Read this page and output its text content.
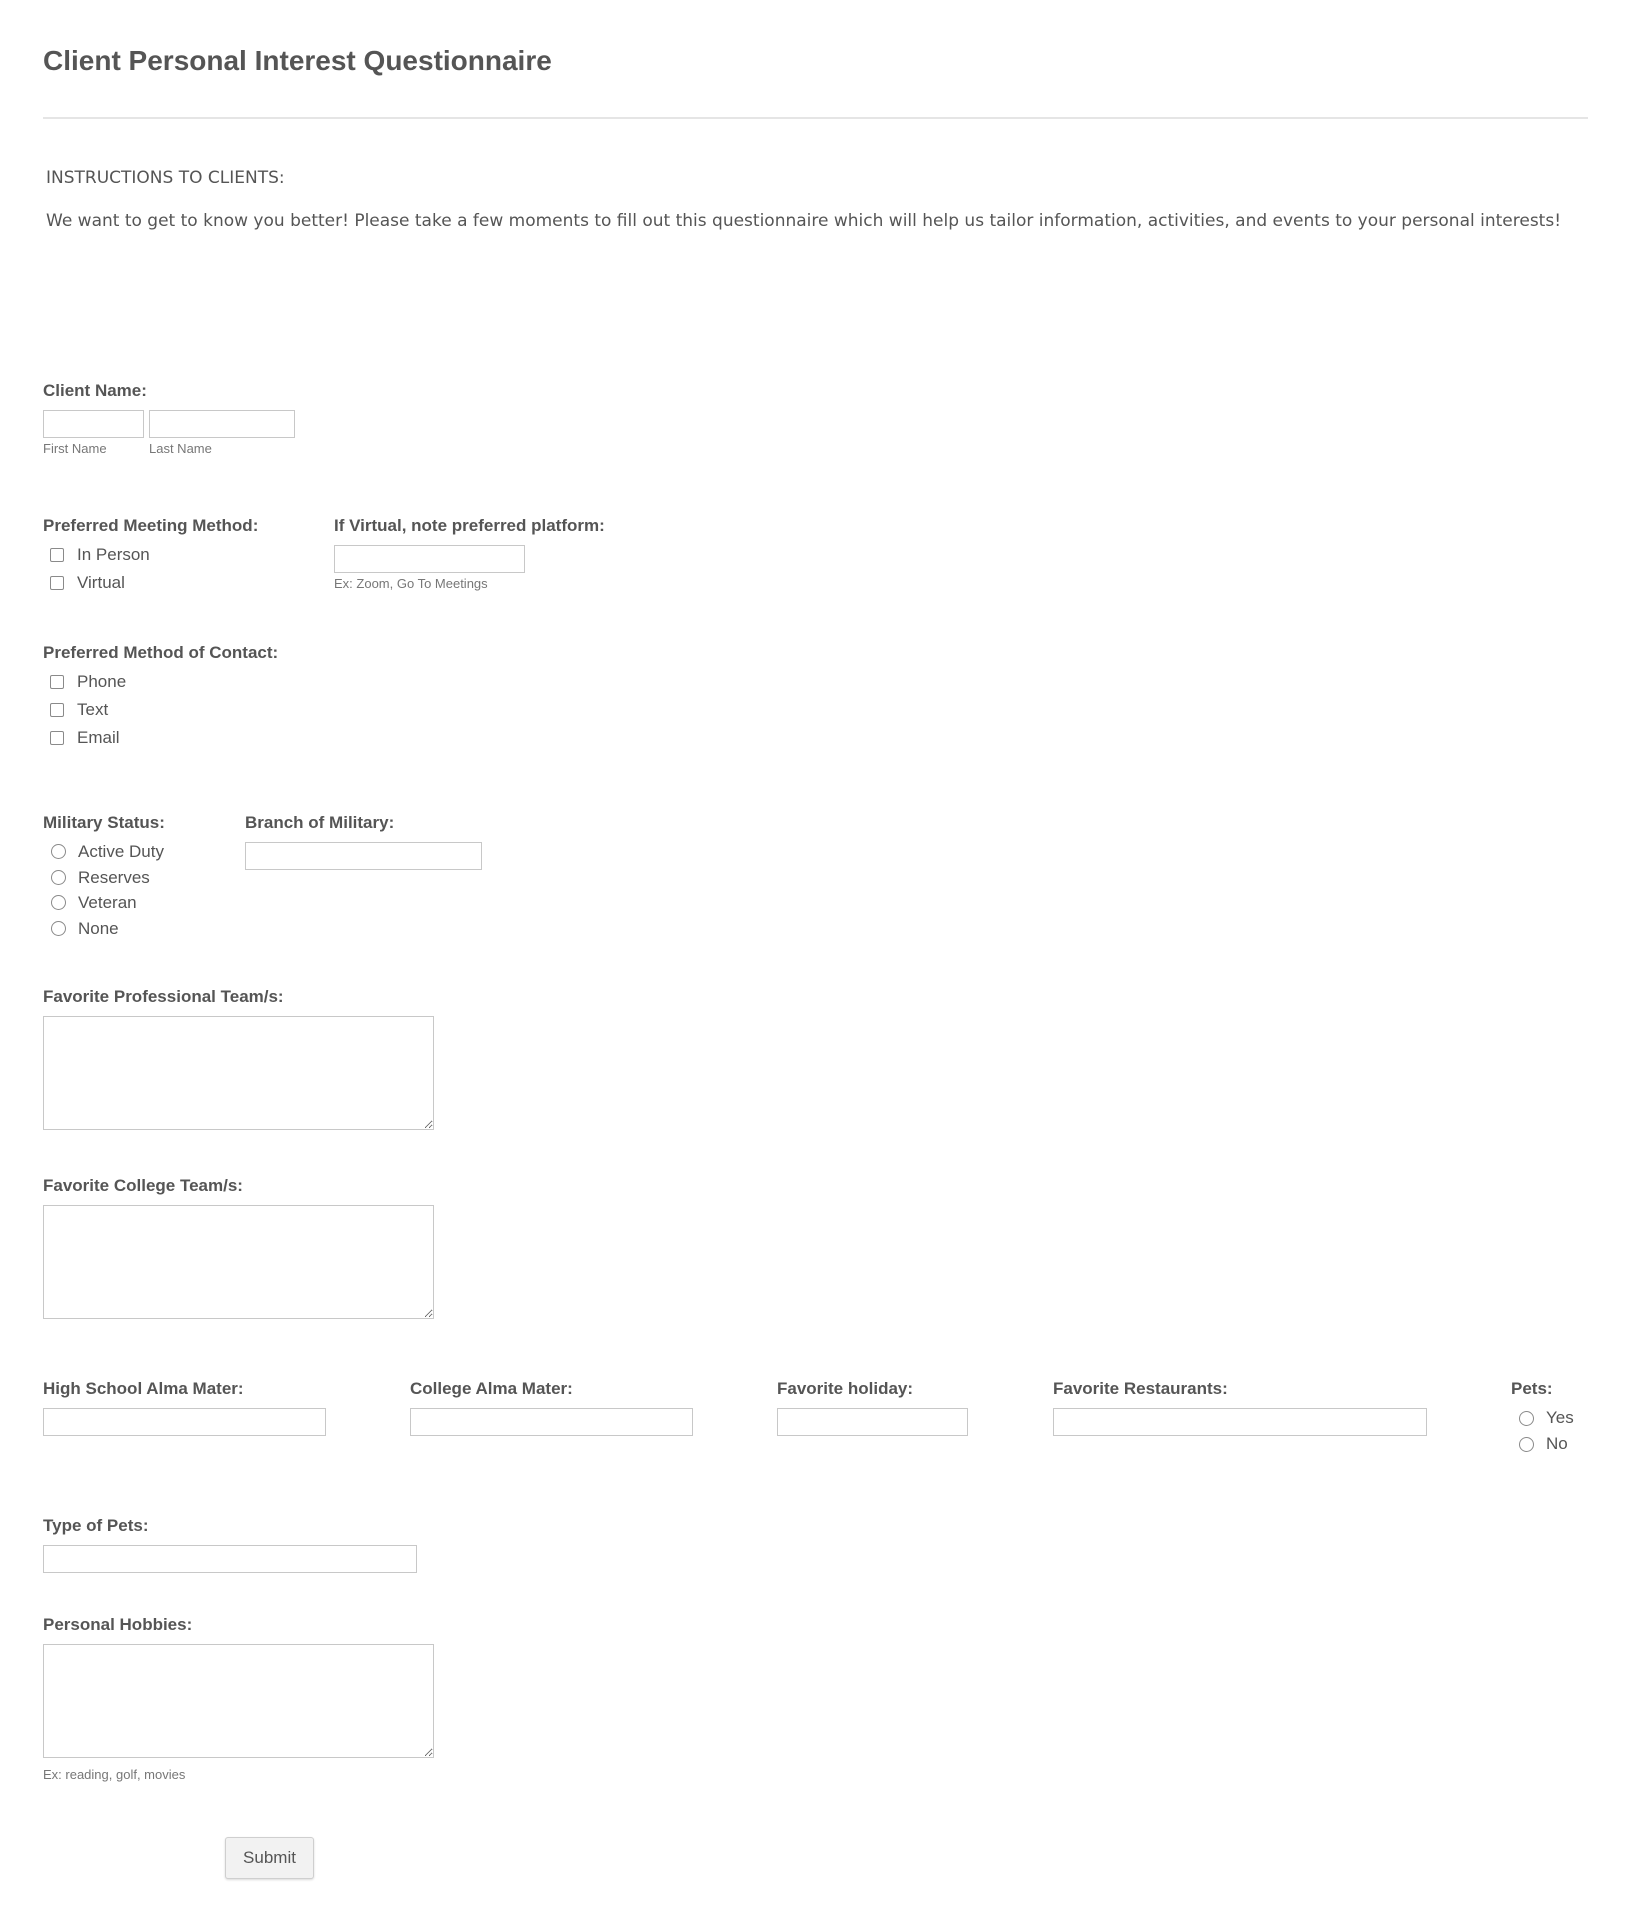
Client Personal Interest Questionnaire
INSTRUCTIONS TO CLIENTS:
We want to get to know you better! Please take a few moments to fill out this questionnaire which will help us tailor information, activities, and events to your personal interests!
Client Name:
First Name	Last Name
Preferred Meeting Method:
In Person
Virtual
If Virtual, note preferred platform:
Ex: Zoom, Go To Meetings
Preferred Method of Contact:
Phone
Text
Email
Military Status:
Active Duty
Reserves
Veteran
None
Branch of Military:
Favorite Professional Team/s:
Favorite College Team/s:
High School Alma Mater:	College Alma Mater:	Favorite holiday:	Favorite Restaurants:	Pets:
Yes
No
Type of Pets:
Personal Hobbies:
Ex: reading, golf, movies
Submit
